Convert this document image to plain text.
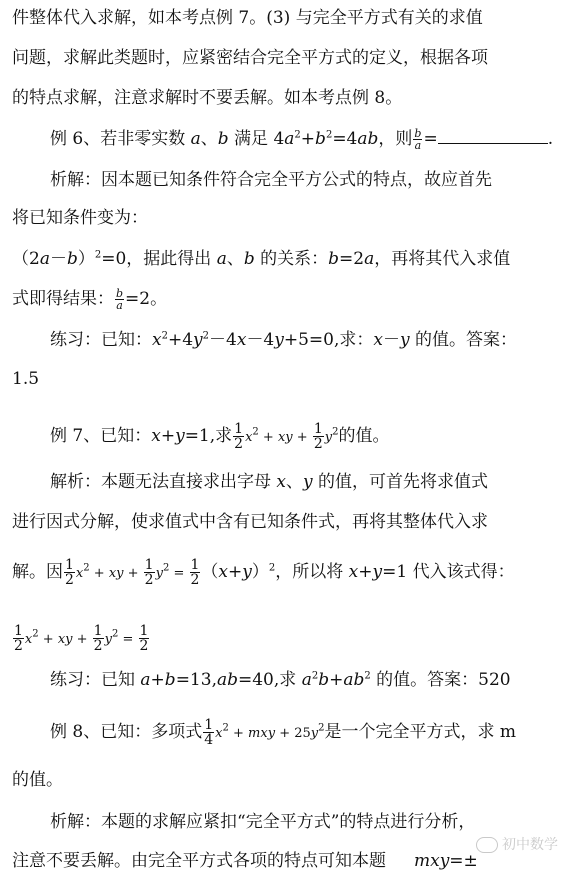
件整体代入求解，如本考点例 7。(3) 与完全平方式有关的求值
问题，求解此类题时，应紧密结合完全平方式的定义，根据各项
的特点求解，注意求解时不要丢解。如本考点例 8。
例 6、若非零实数 a、b 满足 $4a^2+b^2=4ab$，则 $\frac{b}{a}$ =	.
析解：因本题已知条件符合完全平方公式的特点，故应首先
将已知条件变为：
$(2a-b)^2=0$，据此得出 a、b 的关系：b=2a，再将其代入求值
式即得结果： $\frac{b}{a} =2$。
练习：已知：$x^2+4y^2-4x-4y+5=0$,求：x－y 的值。答案：
1.5
例 7、已知：x+y=1,求 $\frac{1}{2} x^2$ + xy + $\frac{1}{2} y^2$的值。
解析：本题无法直接求出字母 x、y 的值，可首先将求值式
进行因式分解，使求值式中含有已知条件式，再将其整体代入求
解。因 $\frac{1}{2} x^2$ + xy + $\frac{1}{2} y^2 = \frac{1}{2} (x+y)^2$，所以将 x+y=1 代入该式得：
$\frac{1}{2} x^2$ + xy + $\frac{1}{2} y^2 = \frac{1}{2}$
练习：已知 a+b=13,ab=40,求 $a^2b+ab^2$ 的值。答案：520
例 8、已知：多项式 $\frac{1}{4} x^2$ + mxy + $25y^2$是一个完全平方式，求 m
的值。
析解：本题的求解应紧扣“完全平方式”的特点进行分析，
注意不要丢解。由完全平方式各项的特点可知本题 mxy=±
初中数学
